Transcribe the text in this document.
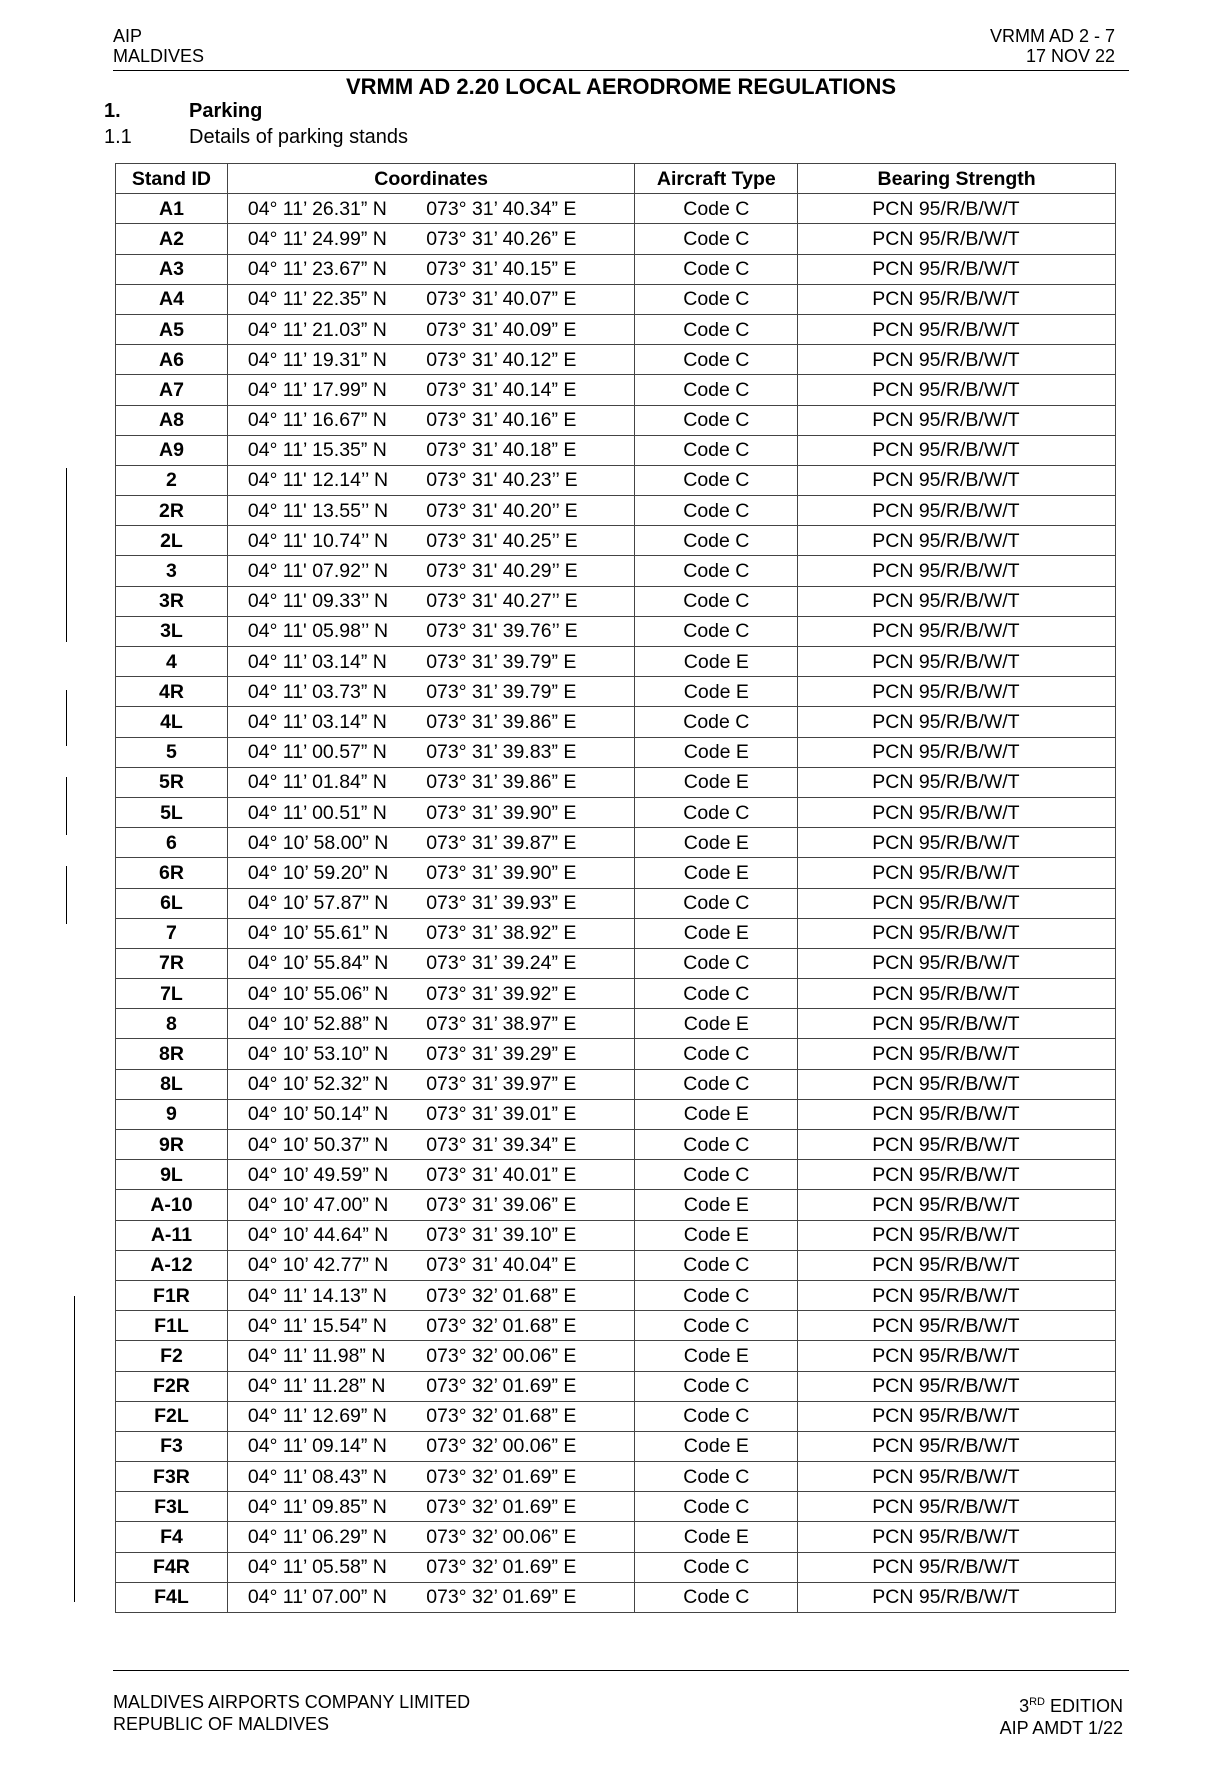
AIP
MALDIVES
VRMM AD 2 - 7
17 NOV 22
VRMM AD 2.20 LOCAL AERODROME REGULATIONS
1.	Parking
1.1	Details of parking stands
Stand ID	Coordinates		Aircraft Type	Bearing Strength
A1	04° 11’ 26.31” N	073° 31’ 40.34” E	Code C	PCN 95/R/B/W/T
A2	04° 11’ 24.99” N	073° 31’ 40.26” E	Code C	PCN 95/R/B/W/T
A3	04° 11’ 23.67” N	073° 31’ 40.15” E	Code C	PCN 95/R/B/W/T
A4	04° 11’ 22.35” N	073° 31’ 40.07” E	Code C	PCN 95/R/B/W/T
A5	04° 11’ 21.03” N	073° 31’ 40.09” E	Code C	PCN 95/R/B/W/T
A6	04° 11’ 19.31” N	073° 31’ 40.12” E	Code C	PCN 95/R/B/W/T
A7	04° 11’ 17.99” N	073° 31’ 40.14” E	Code C	PCN 95/R/B/W/T
A8	04° 11’ 16.67” N	073° 31’ 40.16” E	Code C	PCN 95/R/B/W/T
A9	04° 11’ 15.35” N	073° 31’ 40.18” E	Code C	PCN 95/R/B/W/T
2	04° 11' 12.14’’ N	073° 31' 40.23’’ E	Code C	PCN 95/R/B/W/T
2R	04° 11' 13.55’’ N	073° 31' 40.20’’ E	Code C	PCN 95/R/B/W/T
2L	04° 11' 10.74’’ N	073° 31' 40.25’’ E	Code C	PCN 95/R/B/W/T
3	04° 11' 07.92’’ N	073° 31' 40.29’’ E	Code C	PCN 95/R/B/W/T
3R	04° 11' 09.33’’ N	073° 31' 40.27’’ E	Code C	PCN 95/R/B/W/T
3L	04° 11' 05.98’’ N	073° 31' 39.76’’ E	Code C	PCN 95/R/B/W/T
4	04° 11’ 03.14” N	073° 31’ 39.79” E	Code E	PCN 95/R/B/W/T
4R	04° 11’ 03.73” N	073° 31’ 39.79” E	Code E	PCN 95/R/B/W/T
4L	04° 11’ 03.14” N	073° 31’ 39.86” E	Code C	PCN 95/R/B/W/T
5	04° 11’ 00.57” N	073° 31’ 39.83” E	Code E	PCN 95/R/B/W/T
5R	04° 11’ 01.84” N	073° 31’ 39.86” E	Code E	PCN 95/R/B/W/T
5L	04° 11’ 00.51” N	073° 31’ 39.90” E	Code C	PCN 95/R/B/W/T
6	04° 10’ 58.00” N	073° 31’ 39.87” E	Code E	PCN 95/R/B/W/T
6R	04° 10’ 59.20” N	073° 31’ 39.90” E	Code E	PCN 95/R/B/W/T
6L	04° 10’ 57.87” N	073° 31’ 39.93” E	Code C	PCN 95/R/B/W/T
7	04° 10’ 55.61” N	073° 31’ 38.92” E	Code E	PCN 95/R/B/W/T
7R	04° 10’ 55.84” N	073° 31’ 39.24” E	Code C	PCN 95/R/B/W/T
7L	04° 10’ 55.06” N	073° 31’ 39.92” E	Code C	PCN 95/R/B/W/T
8	04° 10’ 52.88” N	073° 31’ 38.97” E	Code E	PCN 95/R/B/W/T
8R	04° 10’ 53.10” N	073° 31’ 39.29” E	Code C	PCN 95/R/B/W/T
8L	04° 10’ 52.32” N	073° 31’ 39.97” E	Code C	PCN 95/R/B/W/T
9	04° 10’ 50.14” N	073° 31’ 39.01” E	Code E	PCN 95/R/B/W/T
9R	04° 10’ 50.37” N	073° 31’ 39.34” E	Code C	PCN 95/R/B/W/T
9L	04° 10’ 49.59” N	073° 31’ 40.01” E	Code C	PCN 95/R/B/W/T
A-10	04° 10’ 47.00” N	073° 31’ 39.06” E	Code E	PCN 95/R/B/W/T
A-11	04° 10’ 44.64” N	073° 31’ 39.10” E	Code E	PCN 95/R/B/W/T
A-12	04° 10’ 42.77” N	073° 31’ 40.04” E	Code C	PCN 95/R/B/W/T
F1R	04° 11’ 14.13” N	073° 32’ 01.68” E	Code C	PCN 95/R/B/W/T
F1L	04° 11’ 15.54” N	073° 32’ 01.68” E	Code C	PCN 95/R/B/W/T
F2	04° 11’ 11.98” N	073° 32’ 00.06” E	Code E	PCN 95/R/B/W/T
F2R	04° 11’ 11.28” N	073° 32’ 01.69” E	Code C	PCN 95/R/B/W/T
F2L	04° 11’ 12.69” N	073° 32’ 01.68” E	Code C	PCN 95/R/B/W/T
F3	04° 11’ 09.14” N	073° 32’ 00.06” E	Code E	PCN 95/R/B/W/T
F3R	04° 11’ 08.43” N	073° 32’ 01.69” E	Code C	PCN 95/R/B/W/T
F3L	04° 11’ 09.85” N	073° 32’ 01.69” E	Code C	PCN 95/R/B/W/T
F4	04° 11’ 06.29” N	073° 32’ 00.06” E	Code E	PCN 95/R/B/W/T
F4R	04° 11’ 05.58” N	073° 32’ 01.69” E	Code C	PCN 95/R/B/W/T
F4L	04° 11’ 07.00” N	073° 32’ 01.69” E	Code C	PCN 95/R/B/W/T
MALDIVES AIRPORTS COMPANY LIMITED
REPUBLIC OF MALDIVES
3RD EDITION
AIP AMDT 1/22
